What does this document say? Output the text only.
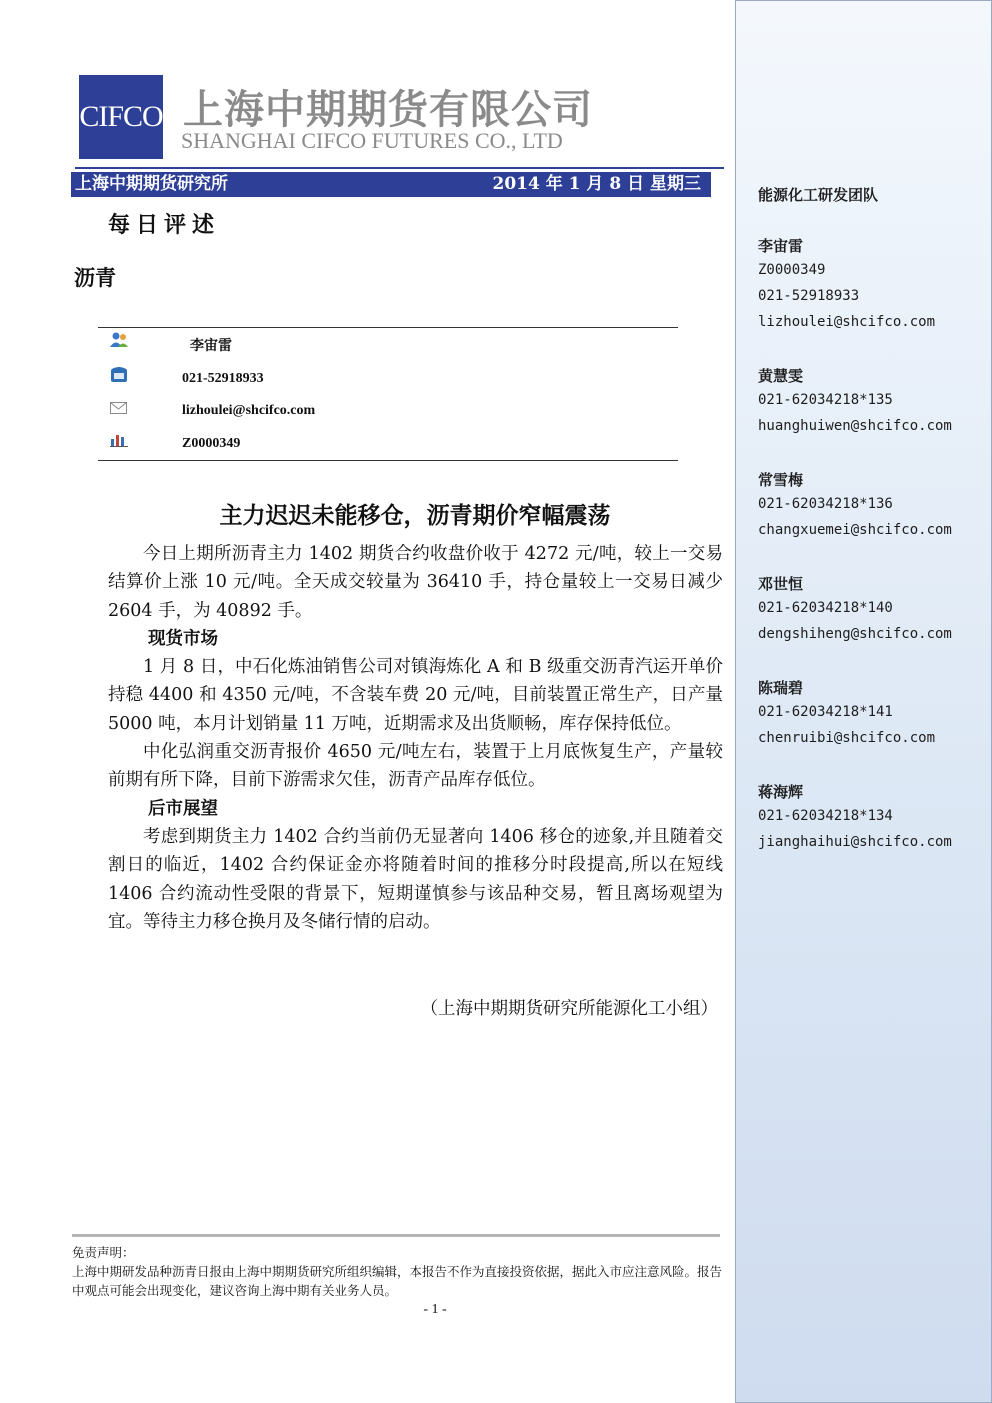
能源化工研发团队
李宙雷
Z0000349
021-52918933
lizhoulei@shcifco.com
黄慧雯
021-62034218*135
huanghuiwen@shcifco.com
常雪梅
021-62034218*136
changxuemei@shcifco.com
邓世恒
021-62034218*140
dengshiheng@shcifco.com
陈瑞碧
021-62034218*141
chenruibi@shcifco.com
蒋海辉
021-62034218*134
jianghaihui@shcifco.com
CIFCO 上海中期期货有限公司
SHANGHAI CIFCO FUTURES CO., LTD
上海中期期货研究所	2014 年 1 月 8 日 星期三
每日评述
沥青
李宙雷
021-52918933
lizhoulei@shcifco.com
Z0000349
主力迟迟未能移仓，沥青期价窄幅震荡

今日上期所沥青主力 1402 期货合约收盘价收于 4272 元/吨，较上一交易结算价上涨 10 元/吨。全天成交较量为 36410 手，持仓量较上一交易日减少 2604 手，为 40892 手。

现货市场

1 月 8 日，中石化炼油销售公司对镇海炼化 A 和 B 级重交沥青汽运开单价持稳 4400 和 4350 元/吨，不含装车费 20 元/吨，目前装置正常生产，日产量 5000 吨，本月计划销量 11 万吨，近期需求及出货顺畅，库存保持低位。

中化弘润重交沥青报价 4650 元/吨左右，装置于上月底恢复生产，产量较前期有所下降，目前下游需求欠佳，沥青产品库存低位。

后市展望

考虑到期货主力 1402 合约当前仍无显著向 1406 移仓的迹象,并且随着交割日的临近，1402 合约保证金亦将随着时间的推移分时段提高,所以在短线 1406 合约流动性受限的背景下，短期谨慎参与该品种交易，暂且离场观望为宜。等待主力移仓换月及冬储行情的启动。

（上海中期期货研究所能源化工小组）
免责声明：
上海中期研发品种沥青日报由上海中期期货研究所组织编辑，本报告不作为直接投资依据，据此入市应注意风险。报告中观点可能会出现变化，建议咨询上海中期有关业务人员。
- 1 -
